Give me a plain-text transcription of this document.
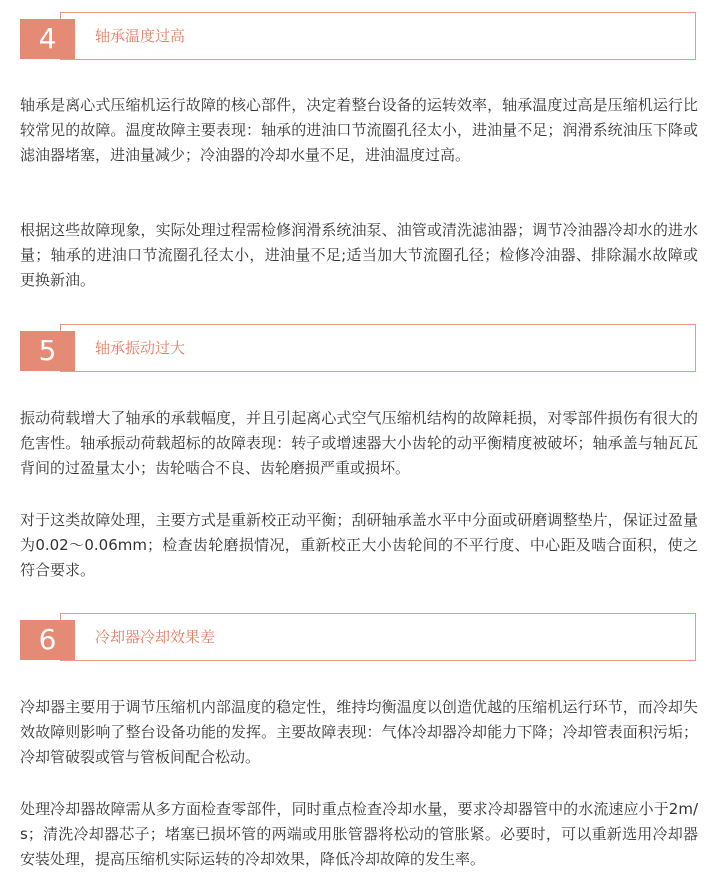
4	轴承温度过高

轴承是离心式压缩机运行故障的核心部件，决定着整台设备的运转效率，轴承温度过高是压缩机运行比较常见的故障。温度故障主要表现：轴承的进油口节流圈孔径太小，进油量不足；润滑系统油压下降或滤油器堵塞，进油量减少；冷油器的冷却水量不足，进油温度过高。

根据这些故障现象，实际处理过程需检修润滑系统油泵、油管或清洗滤油器；调节冷油器冷却水的进水量；轴承的进油口节流圈孔径太小，进油量不足;适当加大节流圈孔径；检修冷油器、排除漏水故障或更换新油。

5	轴承振动过大

振动荷载增大了轴承的承载幅度，并且引起离心式空气压缩机结构的故障耗损，对零部件损伤有很大的危害性。轴承振动荷载超标的故障表现：转子或增速器大小齿轮的动平衡精度被破坏；轴承盖与轴瓦瓦背间的过盈量太小；齿轮啮合不良、齿轮磨损严重或损坏。

对于这类故障处理，主要方式是重新校正动平衡；刮研轴承盖水平中分面或研磨调整垫片，保证过盈量为0.02～0.06mm；检查齿轮磨损情况，重新校正大小齿轮间的不平行度、中心距及啮合面积，使之符合要求。

6	冷却器冷却效果差

冷却器主要用于调节压缩机内部温度的稳定性，维持均衡温度以创造优越的压缩机运行环节，而冷却失效故障则影响了整台设备功能的发挥。主要故障表现：气体冷却器冷却能力下降；冷却管表面积污垢；冷却管破裂或管与管板间配合松动。

处理冷却器故障需从多方面检查零部件，同时重点检查冷却水量，要求冷却器管中的水流速应小于2m/s；清洗冷却器芯子；堵塞已损坏管的两端或用胀管器将松动的管胀紧。必要时，可以重新选用冷却器安装处理，提高压缩机实际运转的冷却效果，降低冷却故障的发生率。
